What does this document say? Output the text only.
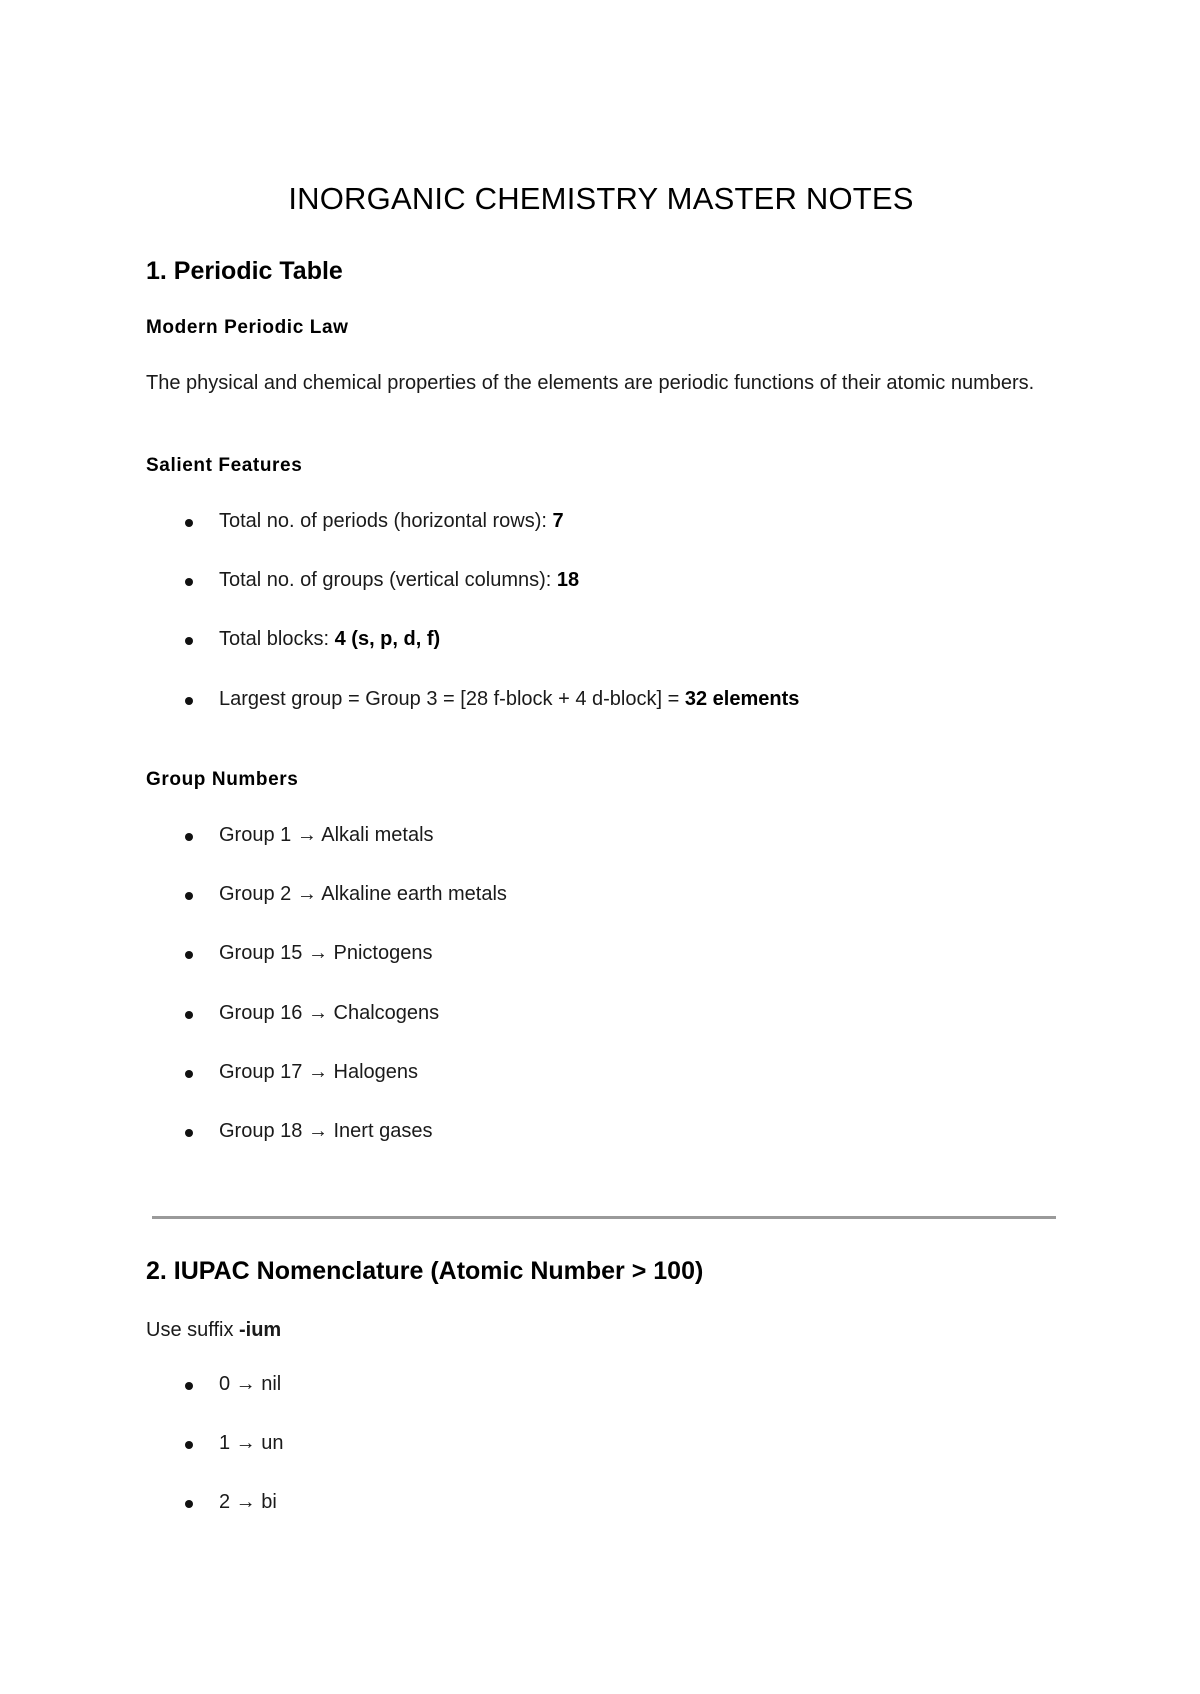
INORGANIC CHEMISTRY MASTER NOTES
1. Periodic Table
Modern Periodic Law

The physical and chemical properties of the elements are periodic functions of their atomic numbers.

Salient Features
Total no. of periods (horizontal rows): 7
Total no. of groups (vertical columns): 18
Total blocks: 4 (s, p, d, f)
Largest group = Group 3 = [28 f-block + 4 d-block] = 32 elements
Group Numbers
Group 1 → Alkali metals
Group 2 → Alkaline earth metals
Group 15 → Pnictogens
Group 16 → Chalcogens
Group 17 → Halogens
Group 18 → Inert gases
2. IUPAC Nomenclature (Atomic Number > 100)

Use suffix -ium

0 → nil
1 → un
2 → bi
